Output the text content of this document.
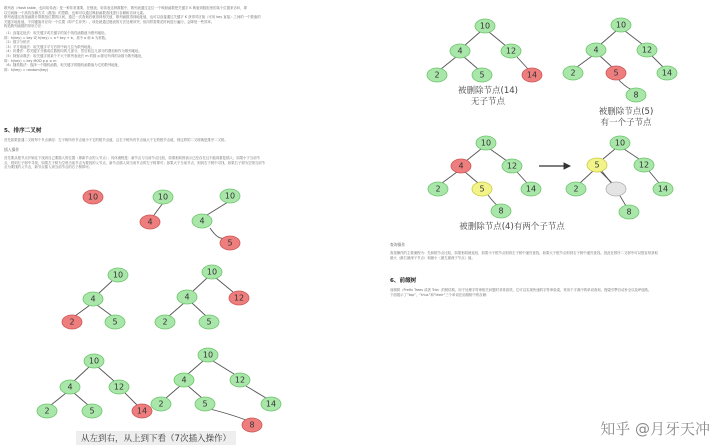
散列表（Hash table，也叫哈希表）是一种非常重要，在链表、哈希表这种数据中，散列表通过定位一个映射函数把关键字 K 映射到数组里的某个位置来访问，即
以空间换一个高效存储方式（数组）的思路，也称可以通过映射函数查找进行存储和访问元素。
散列表通过查找函数计算数组位置的区间，通过一次查询后就得到相关值，散列函数得到地址值，也可以直接通过关键字 K 获得对应值（可用 key 直接）之间的一个数值的
关键字地址值，不同键值对应同一个位置（即产生冲突），该处就通过链表的方法处理冲突，但同样需要花时间进行遍历，会降低一些效率。
构造散列函数的常用方法：
（1）直接定址法：取关键字或关键字的某个线性函数值为散列地址。
即：h(key) = key 或 h(key) = a * key + b，其中 a 和 b 为常数。
（2）数字分析法
（3）平方取值法：取关键字平方后的中间几位为散列地址。
（4）折叠法：将关键字分割成位数相同的几部分，然后取这几部分的叠加和作为散列地址。
（5）除留余数法：取关键字被某个不大于散列表表长 m 的数 p 除后所得的余数为散列地址，
即：h(key) = key MOD p p ≤ m
（6）随机数法：选择一个随机函数，取关键字的随机函数值为它的散列地址，
即：h(key) = random(key)
5、排序二叉树
首先如果普通二叉树每个节点满足：左子树所有节点值小于它的根节点值，且右子树所有节点值大于它的根节点值，则这样的二叉树就是排序二叉树。
插入操作
首先要从根节点开始往下找到自己要插入的位置（即新节点的父节点）；具体流程是：新节点与当前节点比较，如果相同则表示已经存在且不能再重复插入；如果小于当前节
点，则到左子树中寻找，如果左子树为空则当前节点为要找的父节点，新节点插入到当前节点的左子树即可；如果大于当前节点，则到右子树中寻找，如果右子树为空则当前节
点为要找的父节点，新节点插入到当前节点的右子树即可。
10	10
4
10
4
5
10
4
2	5
10
4	12
2	5
10
4	12
2	5	14
10
4	12
2	5	14
8
从左到右，从上到下看（7次插入操作）
10
4	12
2	5	14
被删除节点(14)
无子节点
10
4	12
2	5	14
8
被删除节点(5)
有一个子节点
10
4	12
2	5	14
8
10
5	12
2	14
8
被删除节点(4)有两个子节点
查询操作
查找操作的主要流程为：先和根节点比较，如果相同就返回，如果小于根节点则到左子树中递归查找，如果大于根节点则到右子树中递归查找。因此在排序二叉树中可以很容易获取
最大（最右最深子节点）和最小（最左最深子节点）值。
6、前缀树
前缀树（Prefix Trees 或者 Trie）的树结构，用于处理字符串相关问题时非常高效。它可以实现快速的字符串检索，常用于字典中的单词查询，搜索引擎自动补全以及IP选路。
下面展示了“top”、“thus”和“their”三个单词在前缀树中的存储：
知乎 @月牙天冲
